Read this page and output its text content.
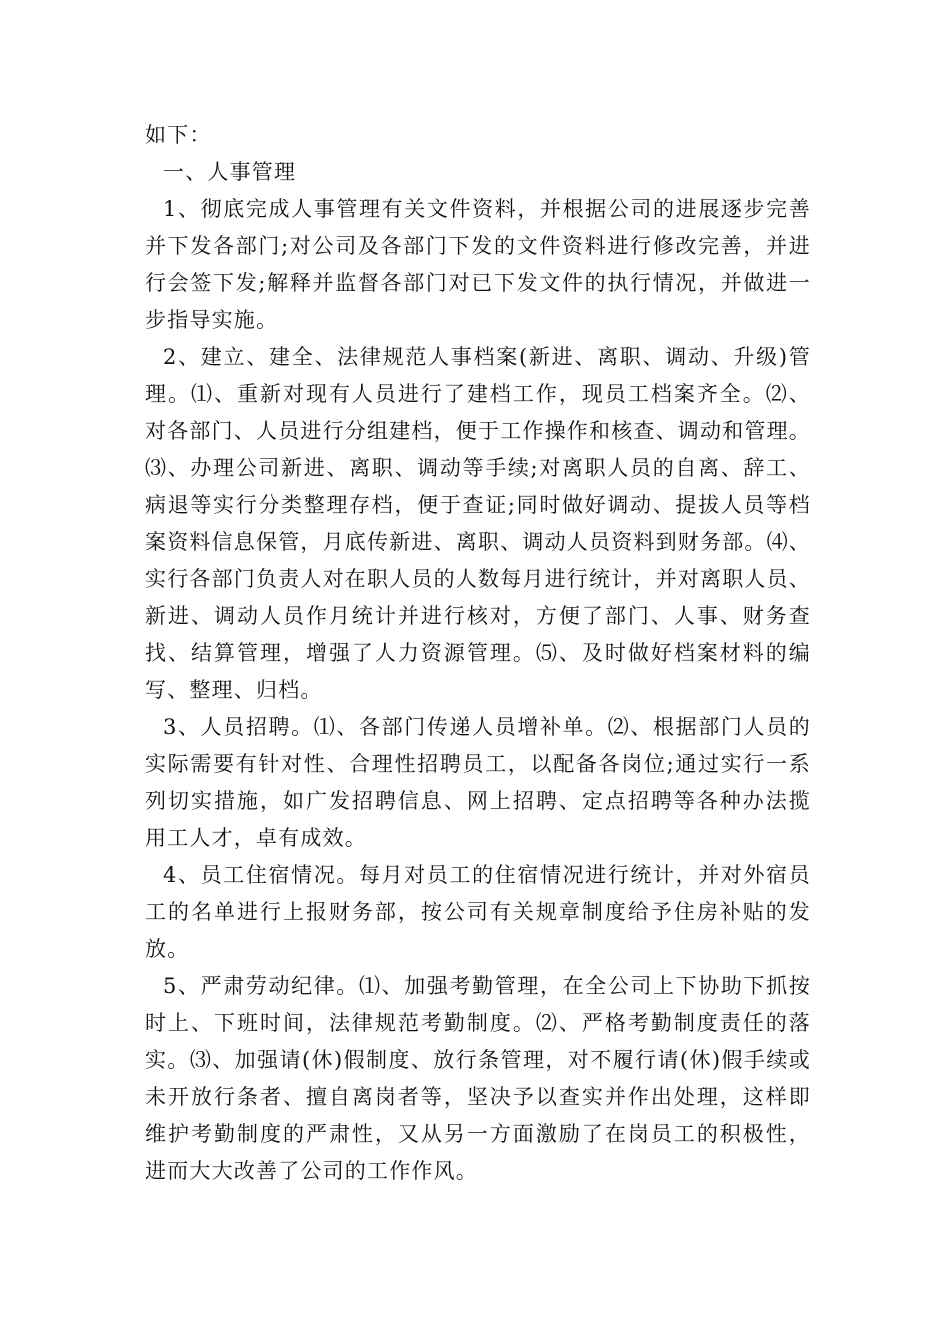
如下：

一、人事管理

1、彻底完成人事管理有关文件资料，并根据公司的进展逐步完善
并下发各部门;对公司及各部门下发的文件资料进行修改完善，并进
行会签下发;解释并监督各部门对已下发文件的执行情况，并做进一
步指导实施。

2、建立、建全、法律规范人事档案(新进、离职、调动、升级)管
理。⑴、重新对现有人员进行了建档工作，现员工档案齐全。⑵、
对各部门、人员进行分组建档，便于工作操作和核查、调动和管理。
⑶、办理公司新进、离职、调动等手续;对离职人员的自离、辞工、
病退等实行分类整理存档，便于查证;同时做好调动、提拔人员等档
案资料信息保管，月底传新进、离职、调动人员资料到财务部。⑷、
实行各部门负责人对在职人员的人数每月进行统计，并对离职人员、
新进、调动人员作月统计并进行核对，方便了部门、人事、财务查
找、结算管理，增强了人力资源管理。⑸、及时做好档案材料的编
写、整理、归档。

3、人员招聘。⑴、各部门传递人员增补单。⑵、根据部门人员的
实际需要有针对性、合理性招聘员工，以配备各岗位;通过实行一系
列切实措施，如广发招聘信息、网上招聘、定点招聘等各种办法揽
用工人才，卓有成效。

4、员工住宿情况。每月对员工的住宿情况进行统计，并对外宿员
工的名单进行上报财务部，按公司有关规章制度给予住房补贴的发
放。

5、严肃劳动纪律。⑴、加强考勤管理，在全公司上下协助下抓按
时上、下班时间，法律规范考勤制度。⑵、严格考勤制度责任的落
实。⑶、加强请(休)假制度、放行条管理，对不履行请(休)假手续或
未开放行条者、擅自离岗者等，坚决予以查实并作出处理，这样即
维护考勤制度的严肃性，又从另一方面激励了在岗员工的积极性，
进而大大改善了公司的工作作风。
